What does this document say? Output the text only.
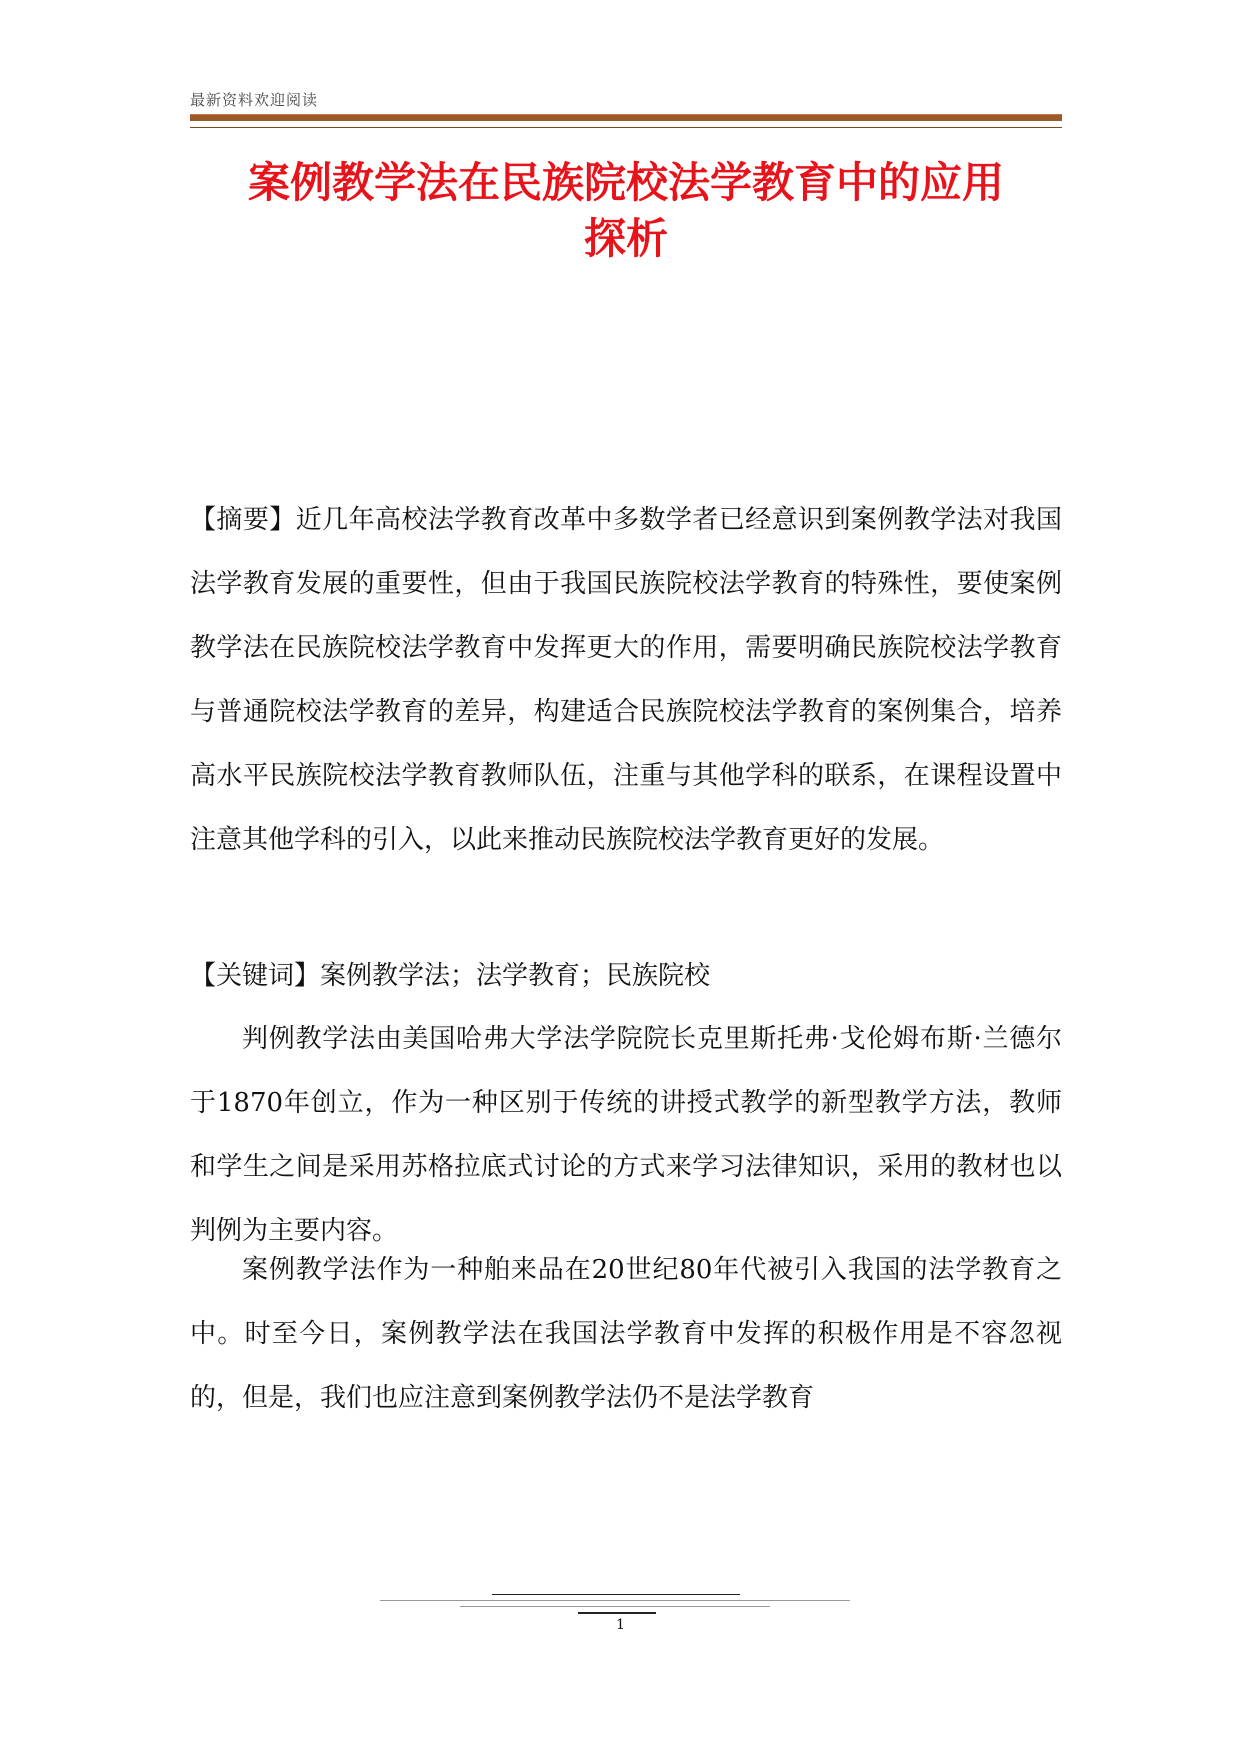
最新资料欢迎阅读
案例教学法在民族院校法学教育中的应用
探析
【摘要】近几年高校法学教育改革中多数学者已经意识到案例教学法对我国法学教育发展的重要性，但由于我国民族院校法学教育的特殊性，要使案例教学法在民族院校法学教育中发挥更大的作用，需要明确民族院校法学教育与普通院校法学教育的差异，构建适合民族院校法学教育的案例集合，培养高水平民族院校法学教育教师队伍，注重与其他学科的联系，在课程设置中注意其他学科的引入，以此来推动民族院校法学教育更好的发展。
【关键词】案例教学法；法学教育；民族院校
判例教学法由美国哈弗大学法学院院长克里斯托弗·戈伦姆布斯·兰德尔于1870年创立，作为一种区别于传统的讲授式教学的新型教学方法，教师和学生之间是采用苏格拉底式讨论的方式来学习法律知识，采用的教材也以判例为主要内容。
案例教学法作为一种舶来品在20世纪80年代被引入我国的法学教育之中。时至今日，案例教学法在我国法学教育中发挥的积极作用是不容忽视的，但是，我们也应注意到案例教学法仍不是法学教育
1
